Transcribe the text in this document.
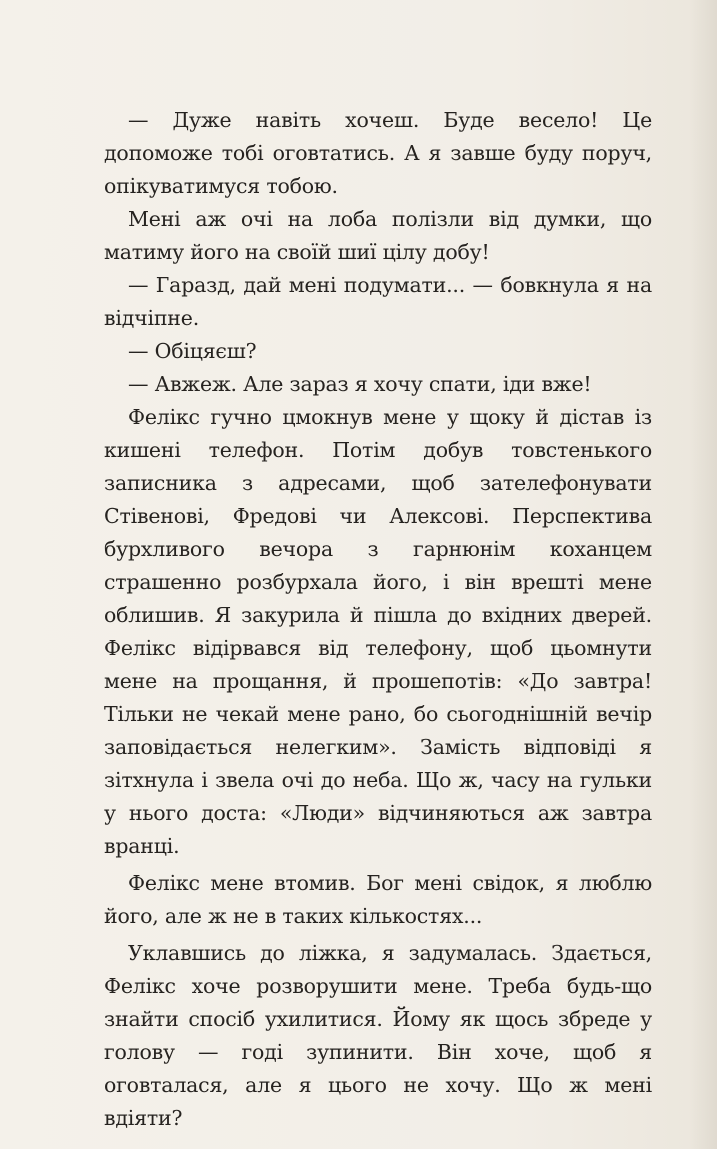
— Дуже навіть хочеш. Буде весело! Це допоможе тобі оговтатись. А я завше буду поруч, опікуватимуся тобою.

Мені аж очі на лоба полізли від думки, що матиму його на своїй шиї цілу добу!

— Гаразд, дай мені подумати... — бовкнула я на відчіпне.

— Обіцяєш?

— Авжеж. Але зараз я хочу спати, іди вже!

Фелікс гучно цмокнув мене у щоку й дістав із кишені телефон. Потім добув товстенького записника з адресами, щоб зателефонувати Стівенові, Фредові чи Алексові. Перспектива бурхливого вечора з гарнюнім коханцем страшенно розбурхала його, і він врешті мене облишив. Я закурила й пішла до вхідних дверей. Фелікс відірвався від телефону, щоб цьомнути мене на прощання, й прошепотів: «До завтра! Тільки не чекай мене рано, бо сьогоднішній вечір заповідається нелегким». Замість відповіді я зітхнула і звела очі до неба. Що ж, часу на гульки у нього доста: «Люди» відчиняються аж завтра вранці.

Фелікс мене втомив. Бог мені свідок, я люблю його, але ж не в таких кількостях...

Уклавшись до ліжка, я задумалась. Здається, Фелікс хоче розворушити мене. Треба будь-що знайти спосіб ухилитися. Йому як щось збреде у голову — годі зупинити. Він хоче, щоб я оговталася, але я цього не хочу. Що ж мені вдіяти?
